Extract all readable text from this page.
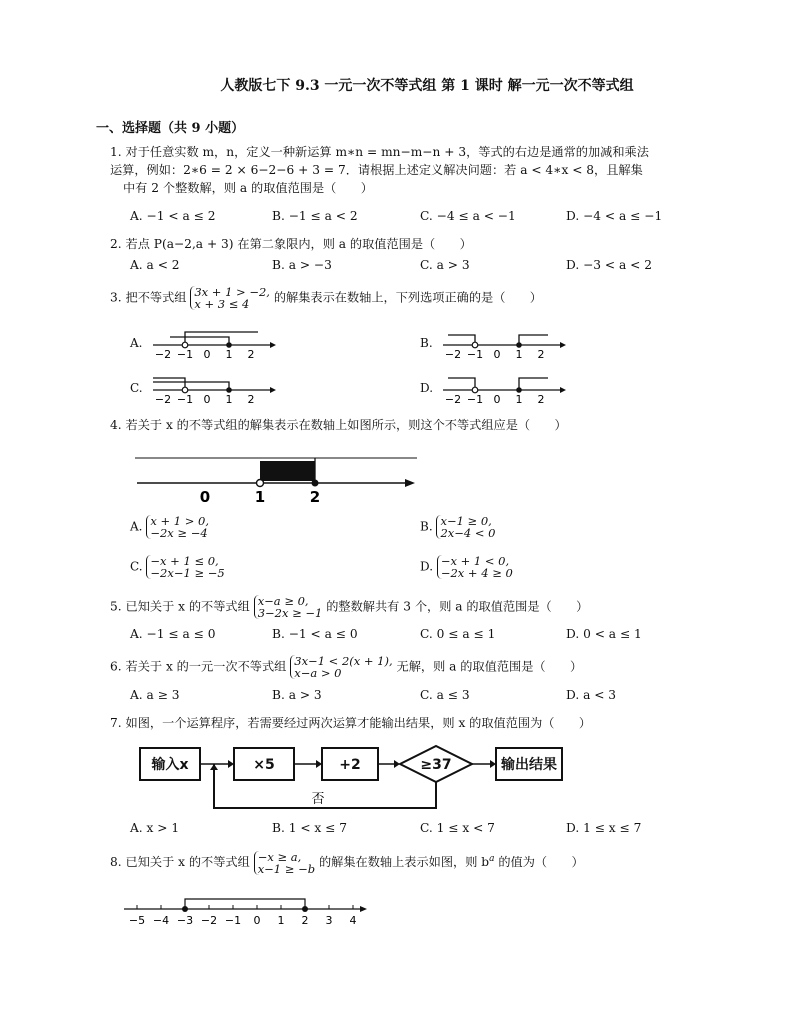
人教版七下 9.3 一元一次不等式组 第 1 课时 解一元一次不等式组
一、选择题（共 9 小题）
1. 对于任意实数 m，n，定义一种新运算 m∗n = mn−m−n + 3，等式的右边是通常的加减和乘法
运算，例如：2∗6 = 2 × 6−2−6 + 3 = 7．请根据上述定义解决问题：若 a < 4∗x < 8，且解集
中有 2 个整数解，则 a 的取值范围是（　　）
A. −1 < a ≤ 2	B. −1 ≤ a < 2	C. −4 ≤ a < −1	D. −4 < a ≤ −1
2. 若点 P(a−2,a + 3) 在第二象限内，则 a 的取值范围是（　　）
A. a < 2	B. a > −3	C. a > 3	D. −3 < a < 2
3. 把不等式组 3x + 1 > −2,
x + 3 ≤ 4	的解集表示在数轴上，下列选项正确的是（　　）
A.
−2 −1 0 1 2
B.
−2 −1 0 1 2
C.
−2 −1 0 1 2
D.
−2 −1 0 1 2
4. 若关于 x 的不等式组的解集表示在数轴上如图所示，则这个不等式组应是（　　）
0	1	2
A. x + 1 > 0,
−2x ≥ −4	B. x−1 ≥ 0,
2x−4 < 0
C. −x + 1 ≤ 0,
−2x−1 ≥ −5	D. −x + 1 < 0,
−2x + 4 ≥ 0
5. 已知关于 x 的不等式组 x−a ≥ 0,
3−2x ≥ −1 的整数解共有 3 个，则 a 的取值范围是（　　）
A. −1 ≤ a ≤ 0	B. −1 < a ≤ 0	C. 0 ≤ a ≤ 1	D. 0 < a ≤ 1
6. 若关于 x 的一元一次不等式组 3x−1 < 2(x + 1),
x−a > 0	无解，则 a 的取值范围是（　　）
A. a ≥ 3	B. a > 3	C. a ≤ 3	D. a < 3
7. 如图，一个运算程序，若需要经过两次运算才能输出结果，则 x 的取值范围为（　　）
输入x	×5	+2	≥37	输出结果
否
A. x > 1	B. 1 < x ≤ 7	C. 1 ≤ x < 7	D. 1 ≤ x ≤ 7
8. 已知关于 x 的不等式组 −x ≥ a,
x−1 ≥ −b 的解集在数轴上表示如图，则 $b^a$ 的值为（　　）
−5 −4 −3 −2 −1 0 1 2 3 4
